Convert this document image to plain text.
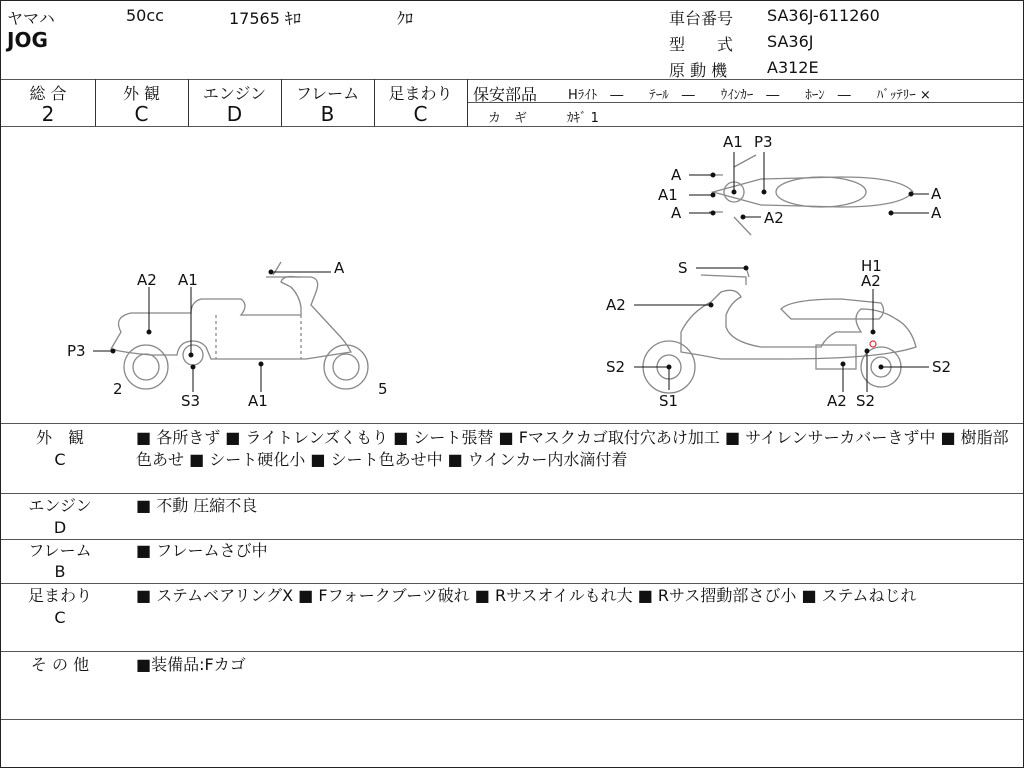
ヤマハ
JOG
50cc	17565 ｷﾛ	ｸﾛ	車台番号 SA36J-611260
型　　式 SA36J
原 動 機 A312E
総 合
2
外 観
C
エンジン
D
フレーム
B
足まわり
C
保安部品 Hﾗｲﾄ　―　　ﾃｰﾙ　―　　ｳｲﾝｶｰ　―　　ﾎｰﾝ　―　　ﾊﾞｯﾃﾘｰ ×
カ　ギ	ｶｷﾞ 1
A2 A1
A
P3
2
S3	A1
5
A1 P3
A
A1
A	A2
A
A
S	H1
A2
A2
S2	S2
S1	A2 S2
外　観
C
■ 各所きず ■ ライトレンズくもり ■ シート張替 ■ Fマスクカゴ取付穴あけ加工 ■ サイレンサーカバーきず中 ■ 樹脂部色あせ ■ シート硬化小 ■ シート色あせ中 ■ ウインカー内水滴付着
エンジン
D
■ 不動 圧縮不良
フレーム
B
■ フレームさび中
足まわり
C
■ ステムベアリングX ■ Fフォークブーツ破れ ■ Rサスオイルもれ大 ■ Rサス摺動部さび小 ■ ステムねじれ
そ の 他	■装備品:Fカゴ
